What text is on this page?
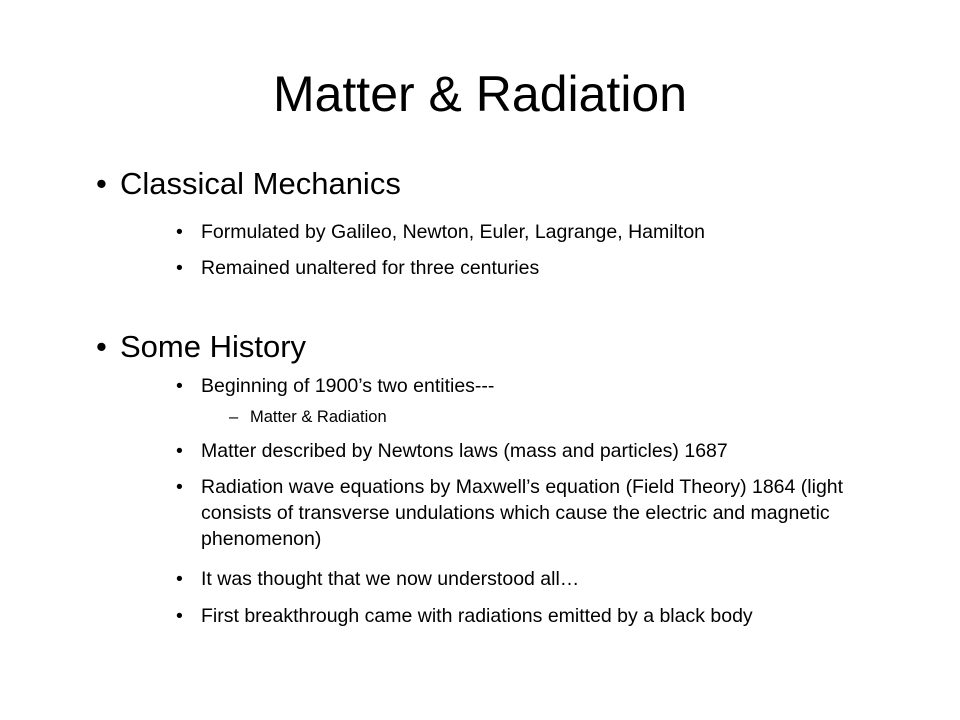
Matter & Radiation
• Classical Mechanics
• Formulated by Galileo, Newton, Euler, Lagrange, Hamilton
• Remained unaltered for three centuries
• Some History
• Beginning of 1900’s two entities---
– Matter & Radiation
• Matter described by Newtons laws (mass and particles) 1687
• Radiation wave equations by Maxwell’s equation (Field Theory) 1864 (light consists of transverse undulations which cause the electric and magnetic phenomenon)
• It was thought that we now understood all…
• First breakthrough came with radiations emitted by a black body
